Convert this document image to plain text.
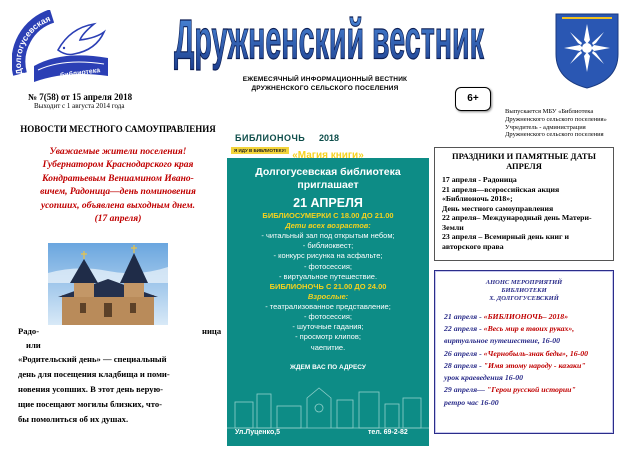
Долгогусевская
библиотека
Дружненский вестник
ЕЖЕМЕСЯЧНЫЙ ИНФОРМАЦИОННЫЙ ВЕСТНИК
ДРУЖНЕНСКОГО СЕЛЬСКОГО ПОСЕЛЕНИЯ
№ 7(58) от 15 апреля 2018
Выходит с 1 августа 2014 года
6+
Выпускается МБУ «Библиотека
Дружненского сельского поселения»
Учредитель - администрация
Дружненского сельского поселения
НОВОСТИ МЕСТНОГО САМОУПРАВЛЕНИЯ
Уважаемые жители поселения!
Губернатором Краснодарского края
Кондратьевым Вениамином Ивано-
вичем, Радоница—день поминовения
усопших, объявлена выходным днем.
(17 апреля)
Радо-	ница
или
«Родительский день» — специальный
день для посещения кладбища и поми-
новения усопших. В этот день верую-
щие посещают могилы близких, что-
бы помолиться об их душах.
БИБЛИОНОЧЬ 2018
Я ИДУ В БИБЛИОТЕКУ! «Магия книги»
Долгогусевская библиотека
приглашает
21 АПРЕЛЯ
БИБЛИОСУМЕРКИ С 18.00 ДО 21.00
Дети всех возрастов:
- читальный зал под открытым небом;
- библиоквест;
- конкурс рисунка на асфальте;
- фотосессия;
- виртуальное путешествие.
БИБЛИОНОЧЬ С 21.00 ДО 24.00
Взрослые:
- театрализованное представление;
- фотосессия;
- шуточные гадания;
- просмотр клипов;
чаепитие.
ЖДЕМ ВАС ПО АДРЕСУ
Ул.Луценко,5	тел. 69-2-82
ПРАЗДНИКИ И ПАМЯТНЫЕ ДАТЫ
АПРЕЛЯ
17 апреля - Радоница
21 апреля—всероссийская акция
«Библионочь 2018»;
День местного самоуправления
22 апреля– Международный день Матери-
Земли
23 апреля – Всемирный день книг и
авторского права
АНОНС МЕРОПРИЯТИЙ
БИБЛИОТЕКИ
Х. ДОЛГОГУСЕВСКИЙ
21 апреля - «БИБЛИОНОЧЬ– 2018»
22 апреля - «Весь мир в твоих руках»,
виртуальное путешествие, 16-00
26 апреля - «Чернобыль-знак беды», 16-00
28 апреля - "Имя этому народу - казаки"
урок краеведения 16-00
29 апреля— "Герои русской истории"
ретро час 16-00
